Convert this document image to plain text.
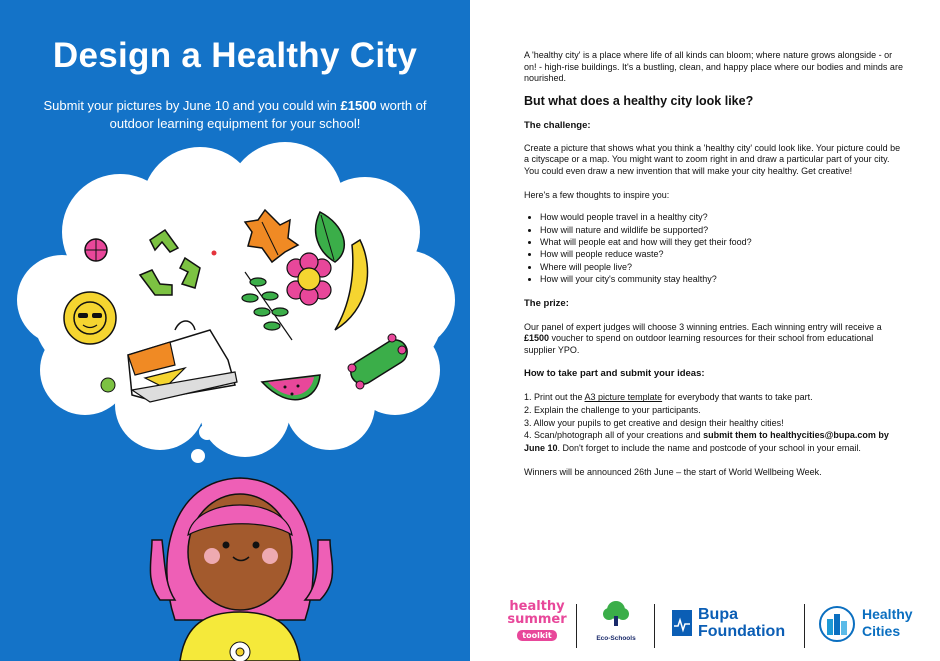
Design a Healthy City
Submit your pictures by June 10 and you could win £1500 worth of outdoor learning equipment for your school!

A 'healthy city' is a place where life of all kinds can bloom; where nature grows alongside - or on! - high-rise buildings. It's a bustling, clean, and happy place where our bodies and minds are nourished.

But what does a healthy city look like?
The challenge:

Create a picture that shows what you think a 'healthy city' could look like. Your picture could be a cityscape or a map. You might want to zoom right in and draw a particular part of your city. You could even draw a new invention that will make your city healthy. Get creative!

Here's a few thoughts to inspire you:

• How would people travel in a healthy city?
• How will nature and wildlife be supported?
• What will people eat and how will they get their food?
• How will people reduce waste?
• Where will people live?
• How will your city's community stay healthy?
The prize:

Our panel of expert judges will choose 3 winning entries. Each winning entry will receive a £1500 voucher to spend on outdoor learning resources for their school from educational supplier YPO.

How to take part and submit your ideas:

1. Print out the A3 picture template for everybody that wants to take part.

2. Explain the challenge to your participants.

3. Allow your pupils to get creative and design their healthy cities!

4. Scan/photograph all of your creations and submit them to healthycities@bupa.com by June 10. Don't forget to include the name and postcode of your school in your email.

Winners will be announced 26th June – the start of World Wellbeing Week.

healthy
summer
toolkit	Eco-Schools
Bupa
Foundation
Healthy
Cities
